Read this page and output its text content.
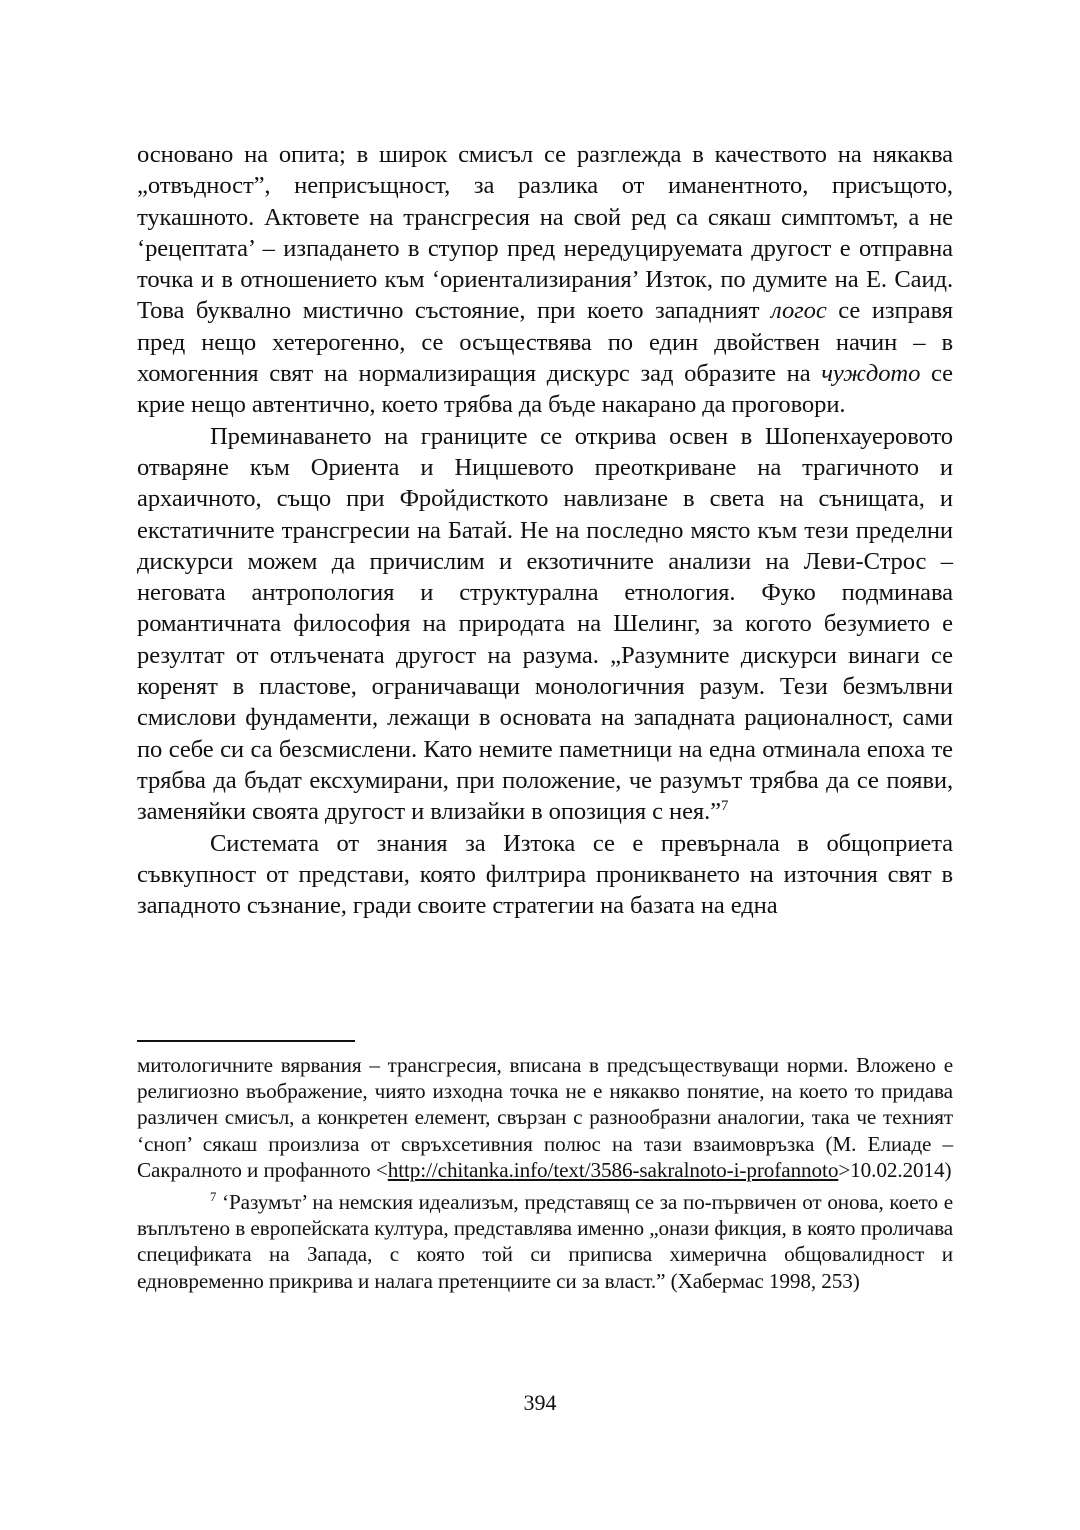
основано на опита; в широк смисъл се разглежда в качеството на някаква „отвъдност”, неприсъщност, за разлика от иманентното, присъщото, тукашното. Актовете на трансгресия на свой ред са сякаш симптомът, а не ‘рецептата’ – изпадането в ступор пред нередуцируемата другост е отправна точка и в отношението към ‘ориентализирания’ Изток, по думите на Е. Саид. Това буквално мистично състояние, при което западният логос се изправя пред нещо хетерогенно, се осъществява по един двойствен начин – в хомогенния свят на нормализиращия дискурс зад образите на чуждото се крие нещо автентично, което трябва да бъде накарано да проговори.

Преминаването на границите се открива освен в Шопенхауеровото отваряне към Ориента и Ницшевото преоткриване на трагичното и архаичното, също при Фройдисткото навлизане в света на сънищата, и екстатичните трансгресии на Батай. Не на последно място към тези пределни дискурси можем да причислим и екзотичните анализи на Леви-Строс – неговата антропология и структурална етнология. Фуко подминава романтичната философия на природата на Шелинг, за когото безумието е резултат от отлъчената другост на разума. „Разумните дискурси винаги се коренят в пластове, ограничаващи монологичния разум. Тези безмълвни смислови фундаменти, лежащи в основата на западната рационалност, сами по себе си са безсмислени. Като немите паметници на една отминала епоха те трябва да бъдат ексхумирани, при положение, че разумът трябва да се появи, заменяйки своята другост и влизайки в опозиция с нея.”$^7$

Системата от знания за Изтока се е превърнала в общоприета съвкупност от представи, която филтрира проникването на източния свят в западното съзнание, гради своите стратегии на базата на една

митологичните вярвания – трансгресия, вписана в предсъществуващи норми. Вложено е религиозно въображение, чиято изходна точка не е някакво понятие, на което то придава различен смисъл, а конкретен елемент, свързан с разнообразни аналогии, така че техният ‘сноп’ сякаш произлиза от свръхсетивния полюс на тази взаимовръзка (М. Елиаде – Сакралното и профанното <http://chitanka.info/text/3586-sakralnoto-i-profannoto>10.02.2014)

$^7$ ‘Разумът’ на немския идеализъм, представящ се за по-първичен от онова, което е въплътено в европейската култура, представлява именно „онази фикция, в която проличава спецификата на Запада, с която той си приписва химерична общовалидност и едновременно прикрива и налага претенциите си за власт.” (Хабермас 1998, 253)

394
